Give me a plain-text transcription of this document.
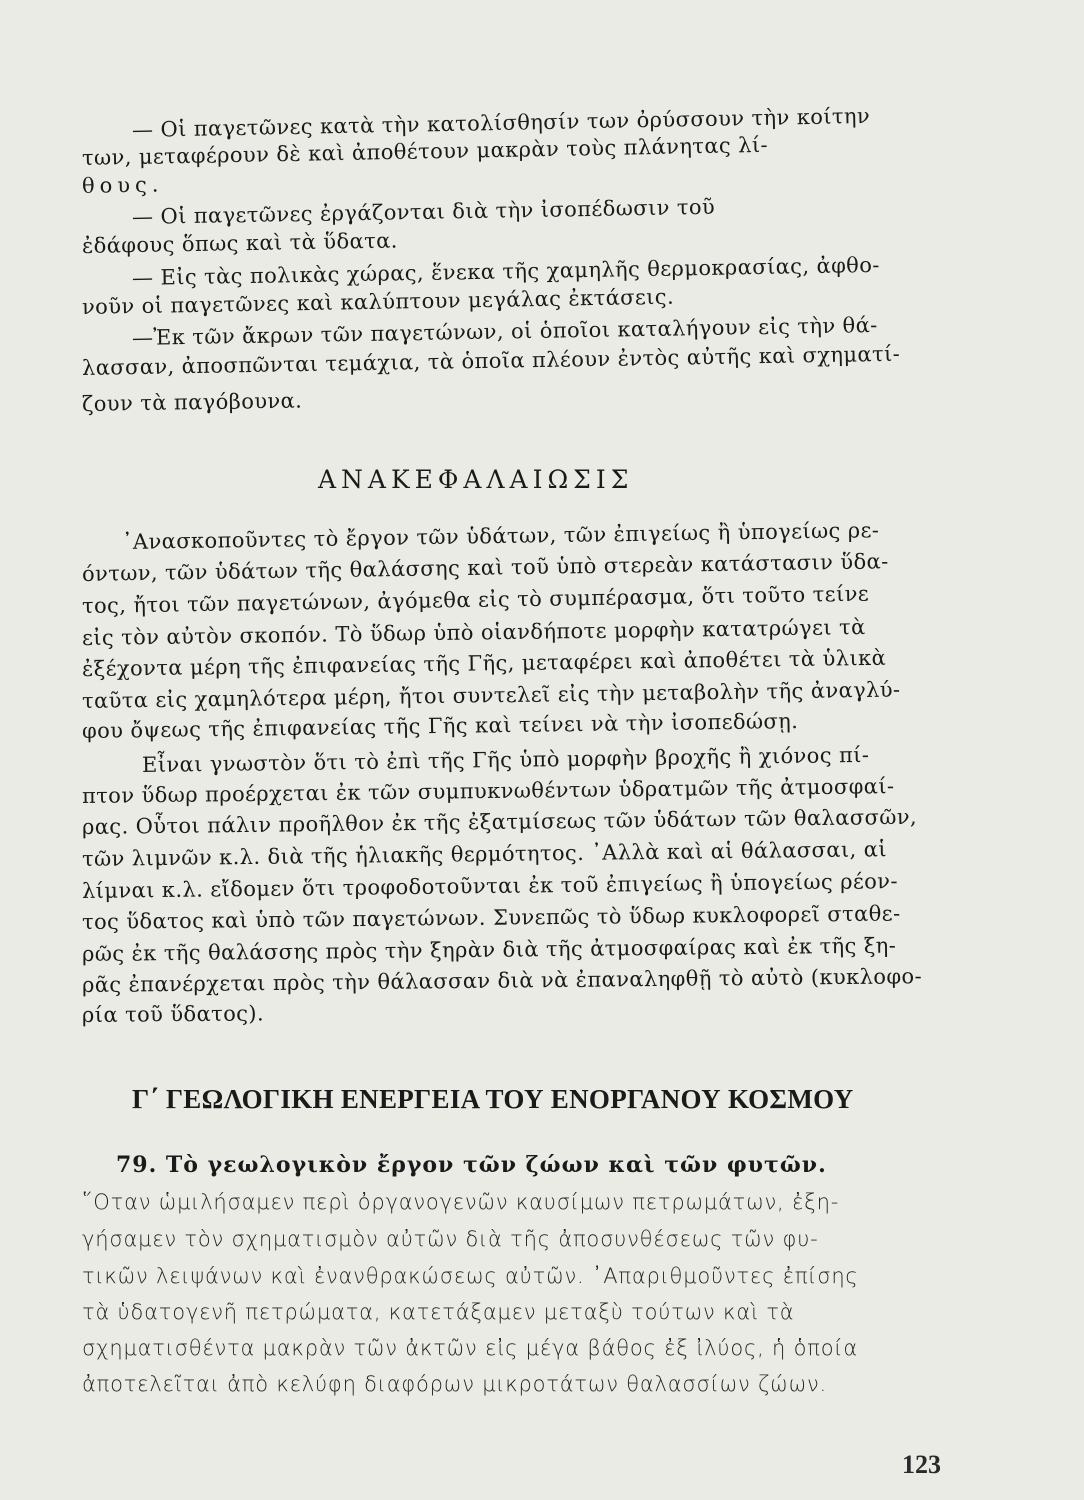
— Οἱ παγετῶνες κατὰ τὴν κατολίσθησίν των ὀρύσσουν τὴν κοίτην
των, μεταφέρουν δὲ καὶ ἀποθέτουν μακρὰν τοὺς πλάνητας λί-
θους.
— Οἱ παγετῶνες ἐργάζονται διὰ τὴν ἰσοπέδωσιν τοῦ
ἐδάφους ὅπως καὶ τὰ ὕδατα.
— Εἰς τὰς πολικὰς χώρας, ἕνεκα τῆς χαμηλῆς θερμοκρασίας, ἀφθο-
νοῦν οἱ παγετῶνες καὶ καλύπτουν μεγάλας ἐκτάσεις.
—Ἐκ τῶν ἄκρων τῶν παγετώνων, οἱ ὁποῖοι καταλήγουν εἰς τὴν θά-
λασσαν, ἀποσπῶνται τεμάχια, τὰ ὁποῖα πλέουν ἐντὸς αὐτῆς καὶ σχηματί-
ζουν τὰ παγόβουνα.
ΑΝΑΚΕΦΑΛΑΙΩΣΙΣ
᾿Ανασκοποῦντες τὸ ἔργον τῶν ὑδάτων, τῶν ἐπιγείως ἢ ὑπογείως ρε-
όντων, τῶν ὑδάτων τῆς θαλάσσης καὶ τοῦ ὑπὸ στερεὰν κατάστασιν ὕδα-
τος, ἤτοι τῶν παγετώνων, ἀγόμεθα εἰς τὸ συμπέρασμα, ὅτι τοῦτο τείνε
εἰς τὸν αὐτὸν σκοπόν. Τὸ ὕδωρ ὑπὸ οἱανδήποτε μορφὴν κατατρώγει τὰ
ἐξέχοντα μέρη τῆς ἐπιφανείας τῆς Γῆς, μεταφέρει καὶ ἀποθέτει τὰ ὑλικὰ
ταῦτα εἰς χαμηλότερα μέρη, ἤτοι συντελεῖ εἰς τὴν μεταβολὴν τῆς ἀναγλύ-
φου ὄψεως τῆς ἐπιφανείας τῆς Γῆς καὶ τείνει νὰ τὴν ἰσοπεδώσῃ.
Εἶναι γνωστὸν ὅτι τὸ ἐπὶ τῆς Γῆς ὑπὸ μορφὴν βροχῆς ἢ χιόνος πί-
πτον ὕδωρ προέρχεται ἐκ τῶν συμπυκνωθέντων ὑδρατμῶν τῆς ἀτμοσφαί-
ρας. Οὗτοι πάλιν προῆλθον ἐκ τῆς ἐξατμίσεως τῶν ὑδάτων τῶν θαλασσῶν,
τῶν λιμνῶν κ.λ. διὰ τῆς ἡλιακῆς θερμότητος. ᾿Αλλὰ καὶ αἱ θάλασσαι, αἱ
λίμναι κ.λ. εἴδομεν ὅτι τροφοδοτοῦνται ἐκ τοῦ ἐπιγείως ἢ ὑπογείως ρέον-
τος ὕδατος καὶ ὑπὸ τῶν παγετώνων. Συνεπῶς τὸ ὕδωρ κυκλοφορεῖ σταθε-
ρῶς ἐκ τῆς θαλάσσης πρὸς τὴν ξηρὰν διὰ τῆς ἀτμοσφαίρας καὶ ἐκ τῆς ξη-
ρᾶς ἐπανέρχεται πρὸς τὴν θάλασσαν διὰ νὰ ἐπαναληφθῇ τὸ αὐτὸ (κυκλοφο-
ρία τοῦ ὕδατος).
Γ΄ ΓΕΩΛΟΓΙΚΗ ΕΝΕΡΓΕΙΑ ΤΟΥ ΕΝΟΡΓΑΝΟΥ ΚΟΣΜΟΥ
79. Τὸ γεωλογικὸν ἔργον τῶν ζώων καὶ τῶν φυτῶν.
῞Οταν ὡμιλήσαμεν περὶ ὀργανογενῶν καυσίμων πετρωμάτων, ἐξη-
γήσαμεν τὸν σχηματισμὸν αὐτῶν διὰ τῆς ἀποσυνθέσεως τῶν φυ-
τικῶν λειψάνων καὶ ἐνανθρακώσεως αὐτῶν. ᾿Απαριθμοῦντες ἐπίσης
τὰ ὑδατογενῆ πετρώματα, κατετάξαμεν μεταξὺ τούτων καὶ τὰ
σχηματισθέντα μακρὰν τῶν ἀκτῶν εἰς μέγα βάθος ἐξ ἰλύος, ἡ ὁποία
ἀποτελεῖται ἀπὸ κελύφη διαφόρων μικροτάτων θαλασσίων ζώων.
123
